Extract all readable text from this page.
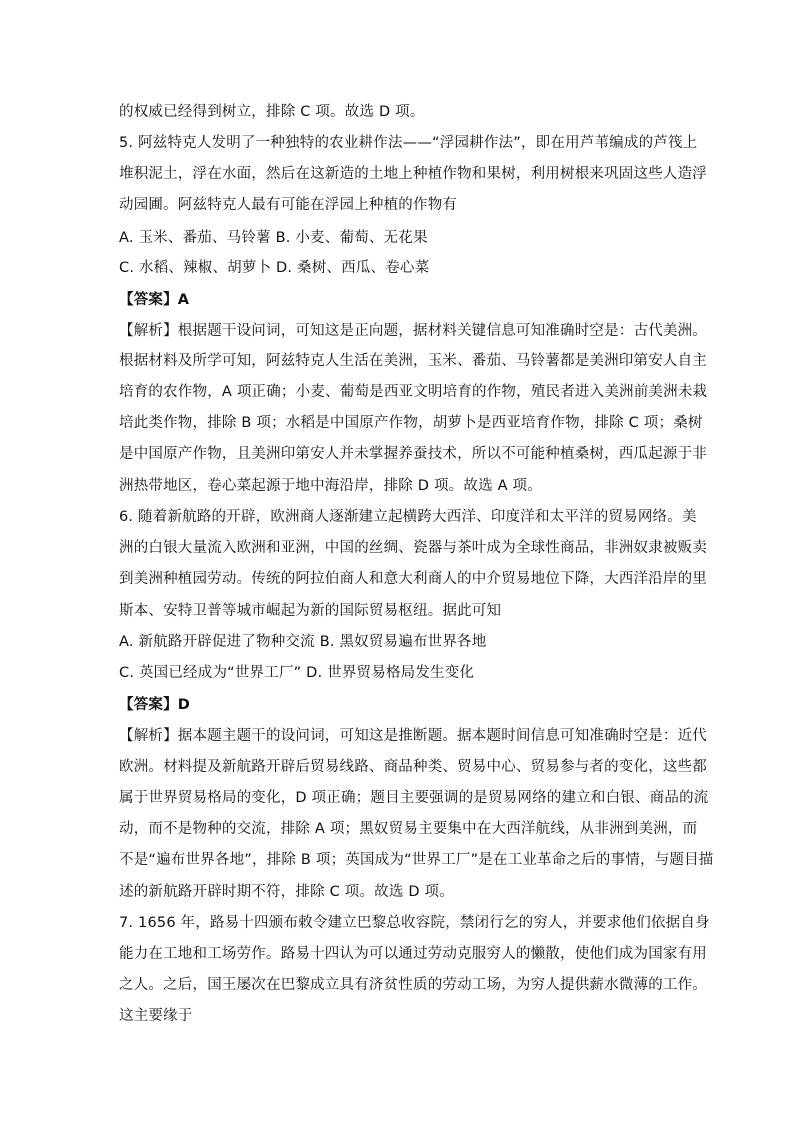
的权威已经得到树立，排除 C 项。故选 D 项。
5. 阿兹特克人发明了一种独特的农业耕作法——“浮园耕作法”，即在用芦苇编成的芦筏上
堆积泥土，浮在水面，然后在这新造的土地上种植作物和果树，利用树根来巩固这些人造浮
动园圃。阿兹特克人最有可能在浮园上种植的作物有
A. 玉米、番茄、马铃薯 B. 小麦、葡萄、无花果
C. 水稻、辣椒、胡萝卜 D. 桑树、西瓜、卷心菜
【答案】A
【解析】根据题干设问词，可知这是正向题，据材料关键信息可知准确时空是：古代美洲。
根据材料及所学可知，阿兹特克人生活在美洲，玉米、番茄、马铃薯都是美洲印第安人自主
培育的农作物，A 项正确；小麦、葡萄是西亚文明培育的作物，殖民者进入美洲前美洲未栽
培此类作物，排除 B 项；水稻是中国原产作物，胡萝卜是西亚培育作物，排除 C 项；桑树
是中国原产作物，且美洲印第安人并未掌握养蚕技术，所以不可能种植桑树，西瓜起源于非
洲热带地区，卷心菜起源于地中海沿岸，排除 D 项。故选 A 项。
6. 随着新航路的开辟，欧洲商人逐渐建立起横跨大西洋、印度洋和太平洋的贸易网络。美
洲的白银大量流入欧洲和亚洲，中国的丝绸、瓷器与茶叶成为全球性商品，非洲奴隶被贩卖
到美洲种植园劳动。传统的阿拉伯商人和意大利商人的中介贸易地位下降，大西洋沿岸的里
斯本、安特卫普等城市崛起为新的国际贸易枢纽。据此可知
A. 新航路开辟促进了物种交流 B. 黑奴贸易遍布世界各地
C. 英国已经成为“世界工厂” D. 世界贸易格局发生变化
【答案】D
【解析】据本题主题干的设问词，可知这是推断题。据本题时间信息可知准确时空是：近代
欧洲。材料提及新航路开辟后贸易线路、商品种类、贸易中心、贸易参与者的变化，这些都
属于世界贸易格局的变化，D 项正确；题目主要强调的是贸易网络的建立和白银、商品的流
动，而不是物种的交流，排除 A 项；黑奴贸易主要集中在大西洋航线，从非洲到美洲，而
不是“遍布世界各地”，排除 B 项；英国成为“世界工厂”是在工业革命之后的事情，与题目描
述的新航路开辟时期不符，排除 C 项。故选 D 项。
7. 1656 年，路易十四颁布敕令建立巴黎总收容院，禁闭行乞的穷人，并要求他们依据自身
能力在工地和工场劳作。路易十四认为可以通过劳动克服穷人的懒散，使他们成为国家有用
之人。之后，国王屡次在巴黎成立具有济贫性质的劳动工场，为穷人提供薪水微薄的工作。
这主要缘于
